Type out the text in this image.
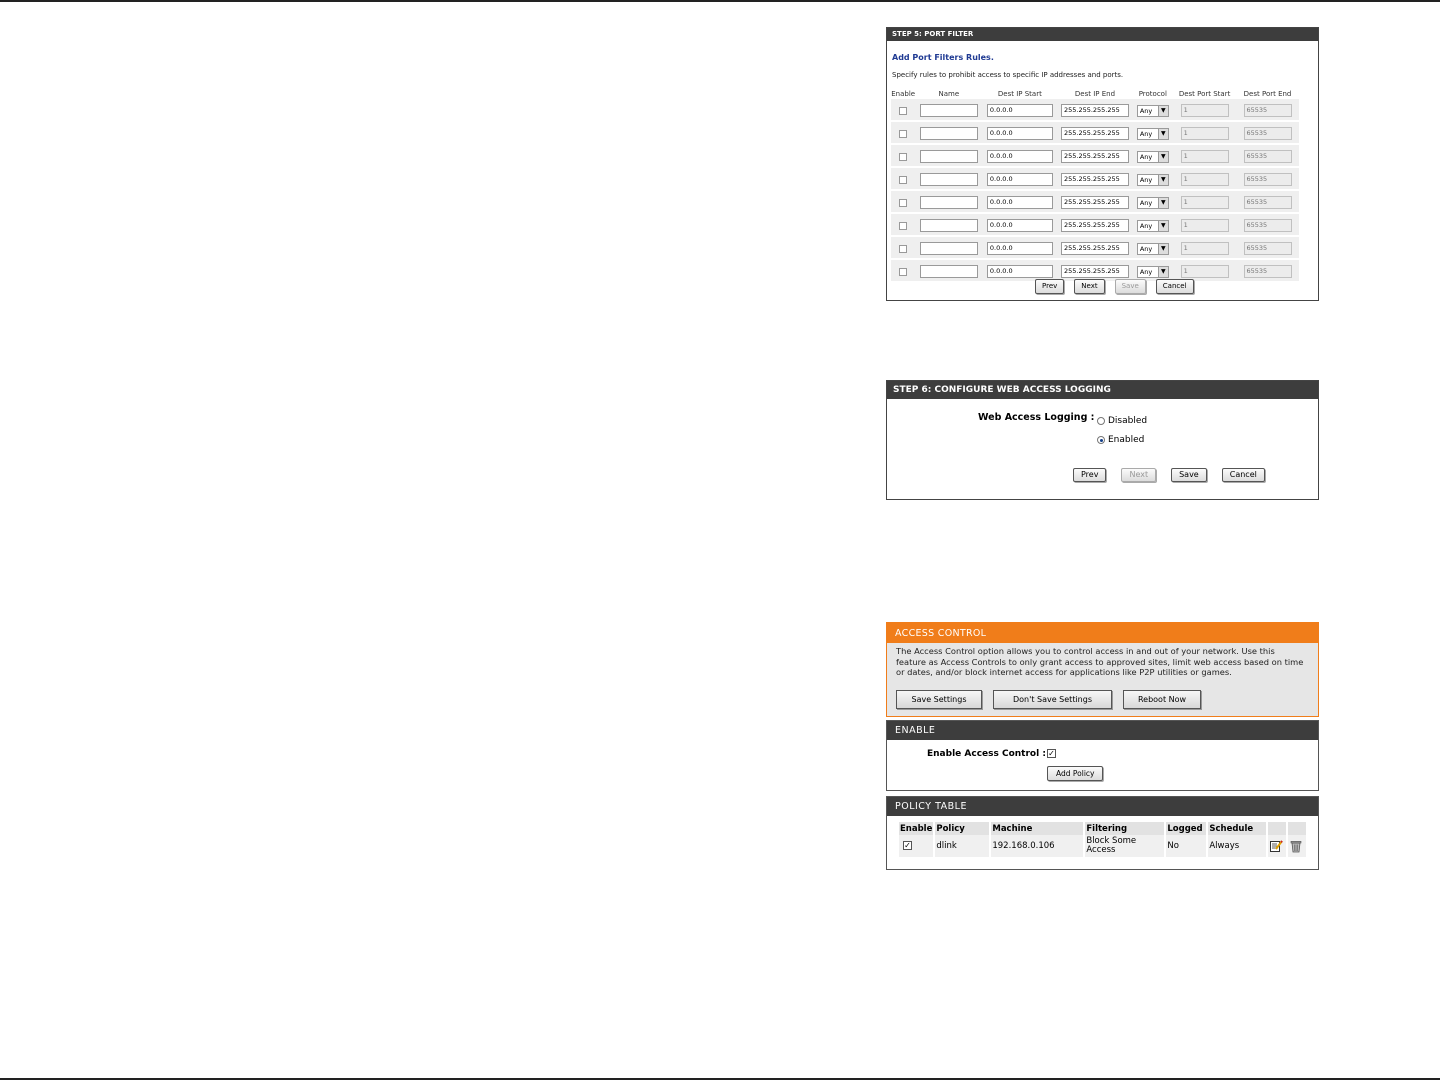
STEP 5: PORT FILTER
Add Port Filters Rules.
Specify rules to prohibit access to specific IP addresses and ports.
Enable	Name	Dest IP Start	Dest IP End	Protocol	Dest Port Start	Dest Port End
		0.0.0.0	255.255.255.255	Any ▼	1	65535
		0.0.0.0	255.255.255.255	Any ▼	1	65535
		0.0.0.0	255.255.255.255	Any ▼	1	65535
		0.0.0.0	255.255.255.255	Any ▼	1	65535
		0.0.0.0	255.255.255.255	Any ▼	1	65535
		0.0.0.0	255.255.255.255	Any ▼	1	65535
		0.0.0.0	255.255.255.255	Any ▼	1	65535
		0.0.0.0	255.255.255.255	Any ▼	1	65535
Prev	Next	Save	Cancel
STEP 6: CONFIGURE WEB ACCESS LOGGING
Web Access Logging : Disabled
Enabled
Prev	Next	Save	Cancel
ACCESS CONTROL
The Access Control option allows you to control access in and out of your network. Use this feature as Access Controls to only grant access to approved sites, limit web access based on time or dates, and/or block internet access for applications like P2P utilities or games.
Save Settings	Don't Save Settings	Reboot Now
ENABLE
Enable Access Control : ✓
Add Policy
POLICY TABLE
Enable	Policy	Machine	Filtering	Logged	Schedule		
✓	dlink	192.168.0.106	Block Some Access	No	Always		
